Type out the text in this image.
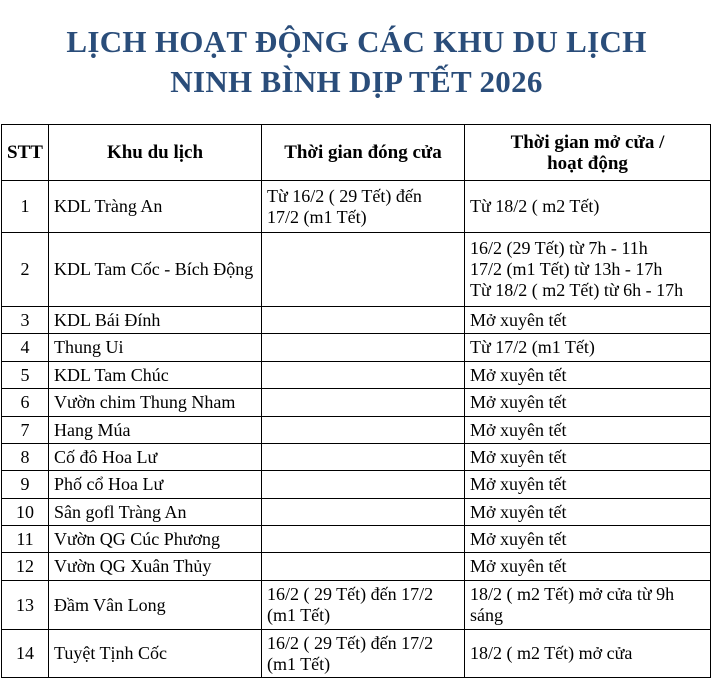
LỊCH HOẠT ĐỘNG CÁC KHU DU LỊCH
NINH BÌNH DỊP TẾT 2026
STT	Khu du lịch	Thời gian đóng cửa	Thời gian mở cửa /
hoạt động

1	KDL Tràng An	Từ 16/2 ( 29 Tết) đến
17/2 (m1 Tết)	Từ 18/2 ( m2 Tết)

2	KDL Tam Cốc - Bích Động		16/2 (29 Tết) từ 7h - 11h
17/2 (m1 Tết) từ 13h - 17h
Từ 18/2 ( m2 Tết) từ 6h - 17h

3	KDL Bái Đính		Mở xuyên tết

4	Thung Ui		Từ 17/2 (m1 Tết)

5	KDL Tam Chúc		Mở xuyên tết

6	Vườn chim Thung Nham		Mở xuyên tết

7	Hang Múa		Mở xuyên tết

8	Cố đô Hoa Lư		Mở xuyên tết

9	Phố cổ Hoa Lư		Mở xuyên tết

10	Sân gofl Tràng An		Mở xuyên tết

11	Vườn QG Cúc Phương		Mở xuyên tết

12	Vườn QG Xuân Thủy		Mở xuyên tết

13	Đầm Vân Long	16/2 ( 29 Tết) đến 17/2
(m1 Tết)	18/2 ( m2 Tết) mở cửa từ 9h
sáng

14	Tuyệt Tịnh Cốc	16/2 ( 29 Tết) đến 17/2
(m1 Tết)	18/2 ( m2 Tết) mở cửa
